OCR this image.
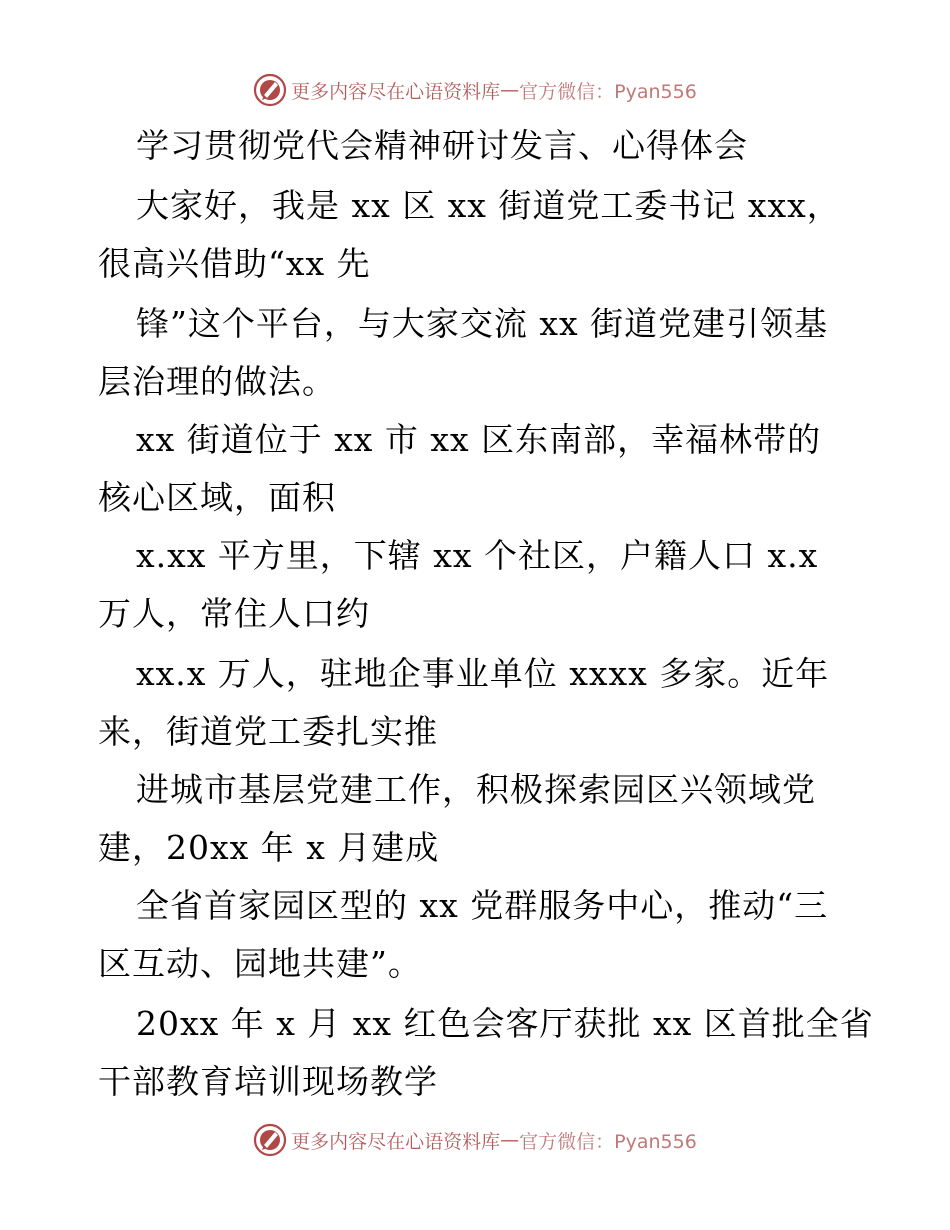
更多内容尽在心语资料库 — 官方微信：Pyan556
学习贯彻党代会精神研讨发言、心得体会
大家好，我是 xx 区 xx 街道党工委书记 xxx，
很高兴借助“xx 先
锋”这个平台，与大家交流 xx 街道党建引领基
层治理的做法。
xx 街道位于 xx 市 xx 区东南部，幸福林带的
核心区域，面积
x.xx 平方里，下辖 xx 个社区，户籍人口 x.x
万人，常住人口约
xx.x 万人，驻地企事业单位 xxxx 多家。近年
来，街道党工委扎实推
进城市基层党建工作，积极探索园区兴领域党
建，20xx 年 x 月建成
全省首家园区型的 xx 党群服务中心，推动“三
区互动、园地共建”。
20xx 年 x 月 xx 红色会客厅获批 xx 区首批全省
干部教育培训现场教学
更多内容尽在心语资料库 — 官方微信：Pyan556
